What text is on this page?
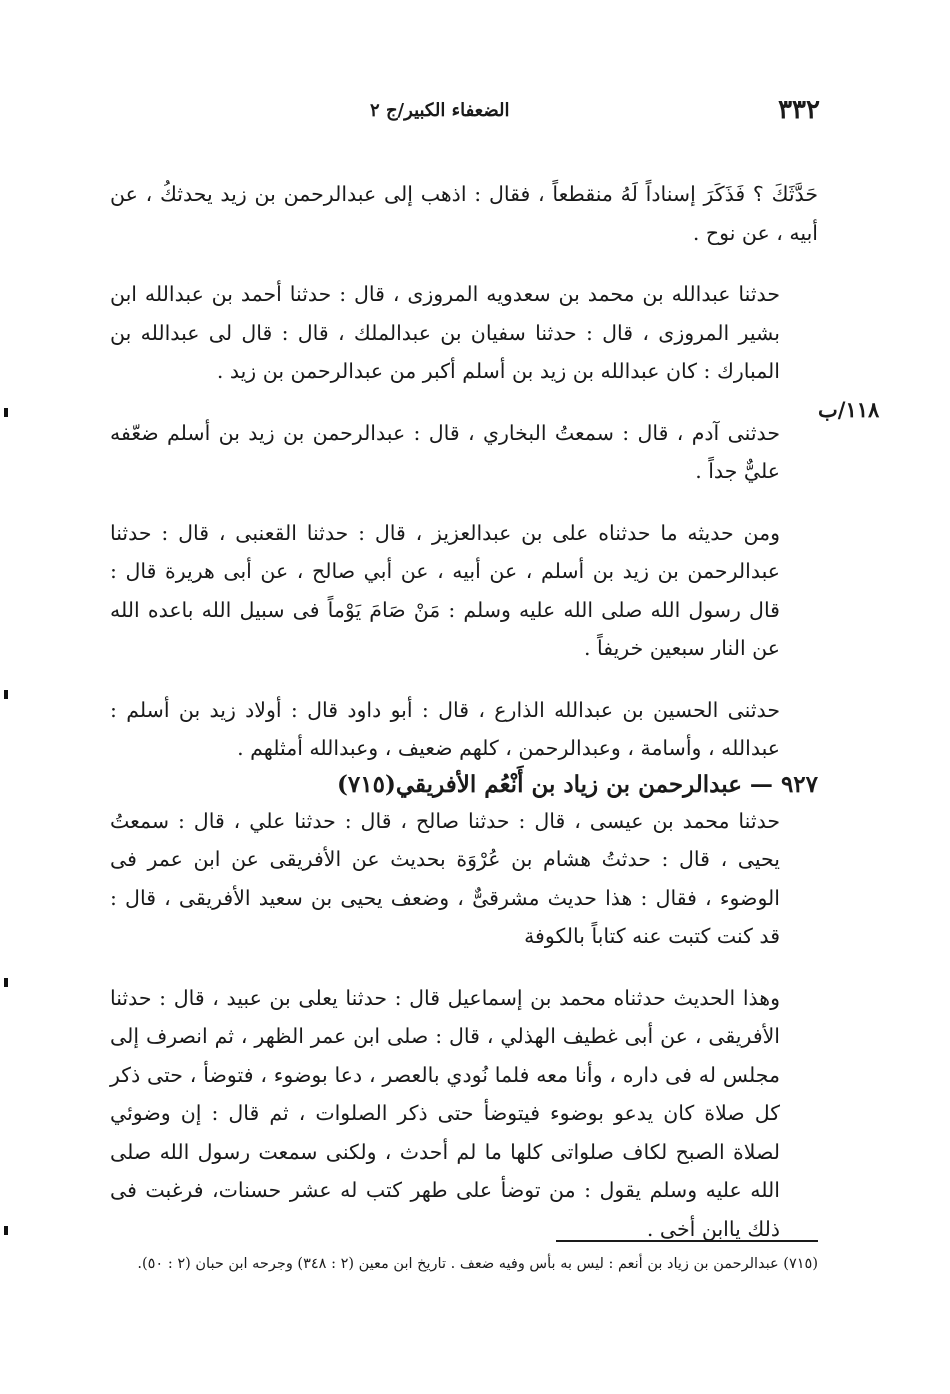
٣٣٢
الضعفاء الكبير/ج ٢
١١٨/ب

حَدَّثَكَ ؟ فَذَكَرَ إسناداً لَهُ منقطعاً ، فقال : اذهب إلى عبدالرحمن بن زيد يحدثكُ ، عن أبيه ، عن نوح .

حدثنا عبدالله بن محمد بن سعدويه المروزى ، قال : حدثنا أحمد بن عبدالله ابن بشير المروزى ، قال : حدثنا سفيان بن عبدالملك ، قال : قال لى عبدالله بن المبارك : كان عبدالله بن زيد بن أسلم أكبر من عبدالرحمن بن زيد .

حدثنى آدم ، قال : سمعتُ البخاري ، قال : عبدالرحمن بن زيد بن أسلم ضعّفه عليٌّ جداً .

ومن حديثه ما حدثناه على بن عبدالعزيز ، قال : حدثنا القعنبى ، قال : حدثنا عبدالرحمن بن زيد بن أسلم ، عن أبيه ، عن أبي صالح ، عن أبى هريرة قال : قال رسول الله صلى الله عليه وسلم : مَنْ صَامَ يَوْماً فى سبيل الله باعده الله عن النار سبعين خريفاً .

حدثنى الحسين بن عبدالله الذارع ، قال : أبو داود قال : أولاد زيد بن أسلم : عبدالله ، وأسامة ، وعبدالرحمن ، كلهم ضعيف ، وعبدالله أمثلهم .

٩٢٧ — عبدالرحمن بن زياد بن أَنْعُم الأفريقي(٧١٥)

حدثنا محمد بن عيسى ، قال : حدثنا صالح ، قال : حدثنا علي ، قال : سمعتُ يحيى ، قال : حدثتُ هشام بن عُرْوَة بحديث عن الأفريقى عن ابن عمر فى الوضوء ، فقال : هذا حديث مشرقىٌّ ، وضعف يحيى بن سعيد الأفريقى ، قال : قد كنت كتبت عنه كتاباً بالكوفة

وهذا الحديث حدثناه محمد بن إسماعيل قال : حدثنا يعلى بن عبيد ، قال : حدثنا الأفريقى ، عن أبى غطيف الهذلي ، قال : صلى ابن عمر الظهر ، ثم انصرف إلى مجلس له فى داره ، وأنا معه فلما نُودي بالعصر ، دعا بوضوء ، فتوضأ ، حتى ذكر كل صلاة كان يدعو بوضوء فيتوضأ حتى ذكر الصلوات ، ثم قال : إن وضوئي لصلاة الصبح لكاف صلواتى كلها ما لم أحدث ، ولكنى سمعت رسول الله صلى الله عليه وسلم يقول : من توضأ على طهر كتب له عشر حسنات، فرغبت فى ذلك ياابن أخى .

(٧١٥) عبدالرحمن بن زياد بن أنعم : ليس به بأس وفيه ضعف . تاريخ ابن معين (٢ : ٣٤٨) وجرحه ابن حبان (٢ : ٥٠).
